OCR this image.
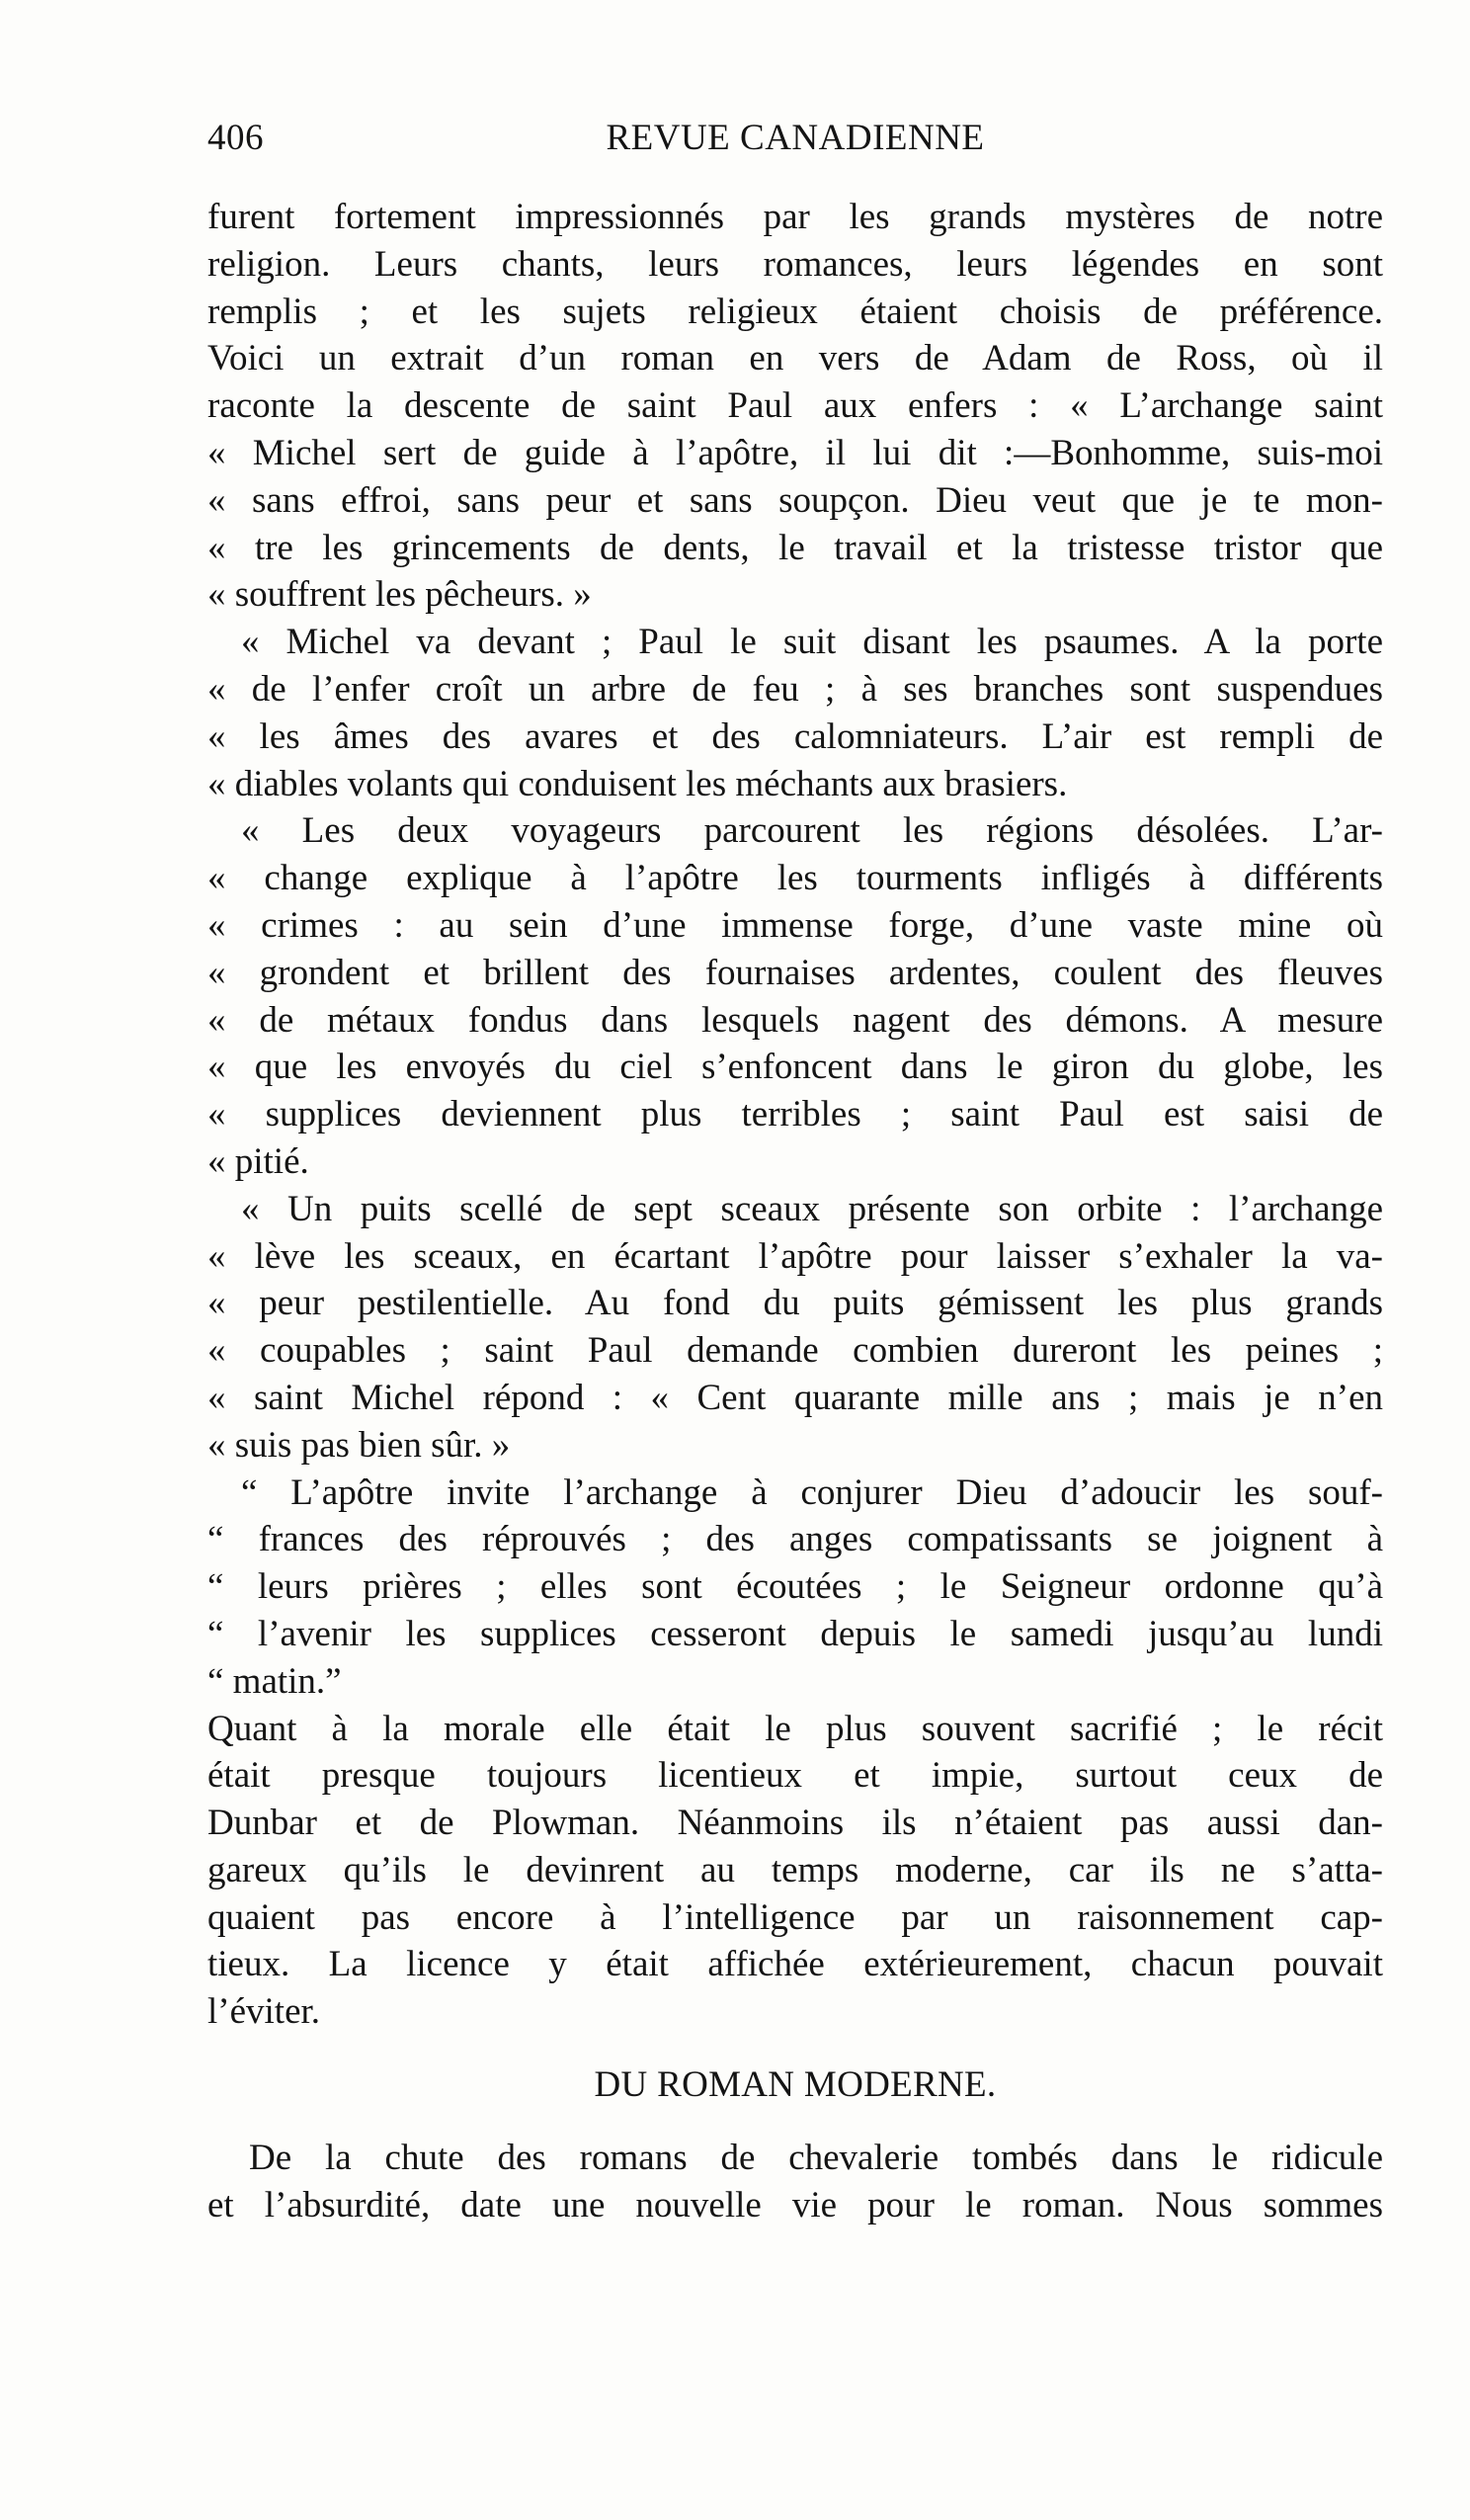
406	REVUE CANADIENNE
furent fortement impressionnés par les grands mystères de notre
religion. Leurs chants, leurs romances, leurs légendes en sont
remplis ; et les sujets religieux étaient choisis de préférence.
Voici un extrait d’un roman en vers de Adam de Ross, où il
raconte la descente de saint Paul aux enfers : « L’archange saint
« Michel sert de guide à l’apôtre, il lui dit :—Bonhomme, suis-moi
« sans effroi, sans peur et sans soupçon. Dieu veut que je te mon-
« tre les grincements de dents, le travail et la tristesse tristor que
« souffrent les pêcheurs. »
« Michel va devant ; Paul le suit disant les psaumes. A la porte
« de l’enfer croît un arbre de feu ; à ses branches sont suspendues
« les âmes des avares et des calomniateurs. L’air est rempli de
« diables volants qui conduisent les méchants aux brasiers.
« Les deux voyageurs parcourent les régions désolées. L’ar-
« change explique à l’apôtre les tourments infligés à différents
« crimes : au sein d’une immense forge, d’une vaste mine où
« grondent et brillent des fournaises ardentes, coulent des fleuves
« de métaux fondus dans lesquels nagent des démons. A mesure
« que les envoyés du ciel s’enfoncent dans le giron du globe, les
« supplices deviennent plus terribles ; saint Paul est saisi de
« pitié.
« Un puits scellé de sept sceaux présente son orbite : l’archange
« lève les sceaux, en écartant l’apôtre pour laisser s’exhaler la va-
« peur pestilentielle. Au fond du puits gémissent les plus grands
« coupables ; saint Paul demande combien dureront les peines ;
« saint Michel répond : « Cent quarante mille ans ; mais je n’en
« suis pas bien sûr. »
“ L’apôtre invite l’archange à conjurer Dieu d’adoucir les souf-
“ frances des réprouvés ; des anges compatissants se joignent à
“ leurs prières ; elles sont écoutées ; le Seigneur ordonne qu’à
“ l’avenir les supplices cesseront depuis le samedi jusqu’au lundi
“ matin.”
Quant à la morale elle était le plus souvent sacrifié ; le récit
était presque toujours licentieux et impie, surtout ceux de
Dunbar et de Plowman. Néanmoins ils n’étaient pas aussi dan-
gareux qu’ils le devinrent au temps moderne, car ils ne s’atta-
quaient pas encore à l’intelligence par un raisonnement cap-
tieux. La licence y était affichée extérieurement, chacun pouvait
l’éviter.
DU ROMAN MODERNE.
De la chute des romans de chevalerie tombés dans le ridicule
et l’absurdité, date une nouvelle vie pour le roman. Nous sommes
